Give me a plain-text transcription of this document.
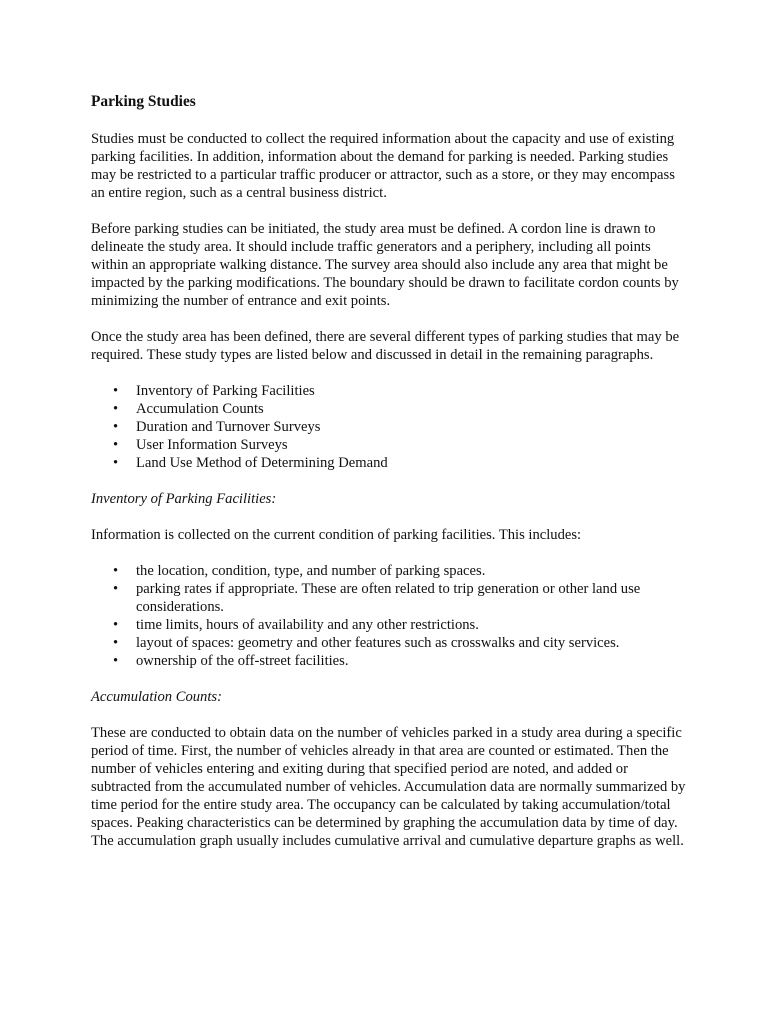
Parking Studies

Studies must be conducted to collect the required information about the capacity and use of existing parking facilities. In addition, information about the demand for parking is needed. Parking studies may be restricted to a particular traffic producer or attractor, such as a store, or they may encompass an entire region, such as a central business district.

Before parking studies can be initiated, the study area must be defined. A cordon line is drawn to delineate the study area. It should include traffic generators and a periphery, including all points within an appropriate walking distance. The survey area should also include any area that might be impacted by the parking modifications. The boundary should be drawn to facilitate cordon counts by minimizing the number of entrance and exit points.

Once the study area has been defined, there are several different types of parking studies that may be required. These study types are listed below and discussed in detail in the remaining paragraphs.

• Inventory of Parking Facilities
• Accumulation Counts
• Duration and Turnover Surveys
• User Information Surveys
• Land Use Method of Determining Demand
Inventory of Parking Facilities:

Information is collected on the current condition of parking facilities. This includes:

• the location, condition, type, and number of parking spaces.
• parking rates if appropriate. These are often related to trip generation or other land use considerations.
• time limits, hours of availability and any other restrictions.
• layout of spaces: geometry and other features such as crosswalks and city services.
• ownership of the off-street facilities.
Accumulation Counts:

These are conducted to obtain data on the number of vehicles parked in a study area during a specific period of time. First, the number of vehicles already in that area are counted or estimated. Then the number of vehicles entering and exiting during that specified period are noted, and added or subtracted from the accumulated number of vehicles. Accumulation data are normally summarized by time period for the entire study area. The occupancy can be calculated by taking accumulation/total spaces. Peaking characteristics can be determined by graphing the accumulation data by time of day. The accumulation graph usually includes cumulative arrival and cumulative departure graphs as well.
